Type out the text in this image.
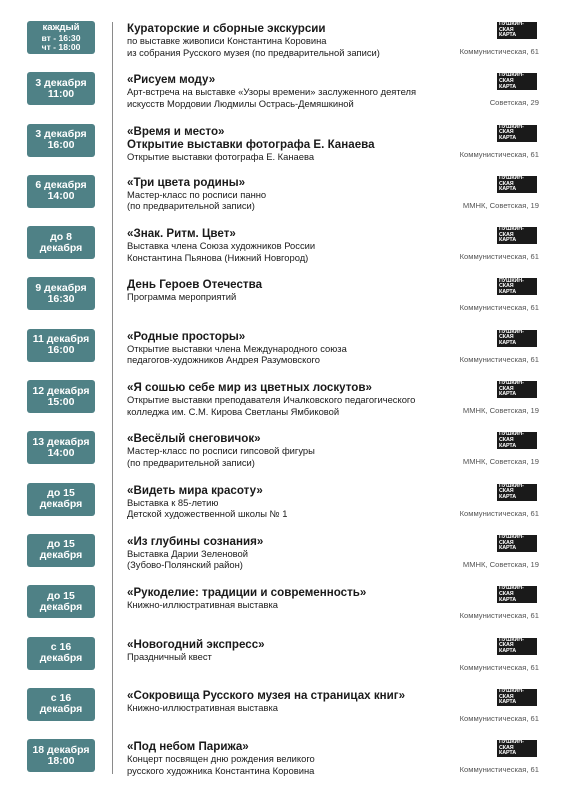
каждый
вт - 16:30
чт - 18:00
Кураторские и сборные экскурсии
по выставке живописи Константина Коровина
из собрания Русского музея (по предварительной записи)
ПУШКИН-
СКАЯ
КАРТА
Коммунистическая, 61
3 декабря
11:00
«Рисуем моду»
Арт-встреча на выставке «Узоры времени» заслуженного деятеля
искусств Мордовии Людмилы Острась-Демяшкиной
ПУШКИН-
СКАЯ
КАРТА
Советская, 29
3 декабря
16:00
«Время и место»
Открытие выставки фотографа Е. Канаева
Открытие выставки фотографа Е. Канаева
ПУШКИН-
СКАЯ
КАРТА
Коммунистическая, 61
6 декабря
14:00
«Три цвета родины»
Мастер-класс по росписи панно
(по предварительной записи)
ПУШКИН-
СКАЯ
КАРТА
ММНК, Советская, 19
до 8
декабря
«Знак. Ритм. Цвет»
Выставка члена Союза художников России
Константина Пьянова (Нижний Новгород)
ПУШКИН-
СКАЯ
КАРТА
Коммунистическая, 61
9 декабря
16:30
День Героев Отечества
Программа мероприятий
ПУШКИН-
СКАЯ
КАРТА
Коммунистическая, 61
11 декабря
16:00
«Родные просторы»
Открытие выставки члена Международного союза
педагогов-художников Андрея Разумовского
ПУШКИН-
СКАЯ
КАРТА
Коммунистическая, 61
12 декабря
15:00
«Я сошью себе мир из цветных лоскутов»
Открытие выставки преподавателя Ичалковского педагогического
колледжа им. С.М. Кирова Светланы Ямбиковой
ПУШКИН-
СКАЯ
КАРТА
ММНК, Советская, 19
13 декабря
14:00
«Весёлый снеговичок»
Мастер-класс по росписи гипсовой фигуры
(по предварительной записи)
ПУШКИН-
СКАЯ
КАРТА
ММНК, Советская, 19
до 15
декабря
«Видеть мира красоту»
Выставка к 85-летию
Детской художественной школы № 1
ПУШКИН-
СКАЯ
КАРТА
Коммунистическая, 61
до 15
декабря
«Из глубины сознания»
Выставка Дарии Зеленовой
(Зубово-Полянский район)
ПУШКИН-
СКАЯ
КАРТА
ММНК, Советская, 19
до 15
декабря
«Рукоделие: традиции и современность»
Книжно-иллюстративная выставка
ПУШКИН-
СКАЯ
КАРТА
Коммунистическая, 61
с 16
декабря
«Новогодний экспресс»
Праздничный квест
ПУШКИН-
СКАЯ
КАРТА
Коммунистическая, 61
с 16
декабря
«Сокровища Русского музея на страницах книг»
Книжно-иллюстративная выставка
ПУШКИН-
СКАЯ
КАРТА
Коммунистическая, 61
18 декабря
18:00
«Под небом Парижа»
Концерт посвящен дню рождения великого
русского художника Константина Коровина
ПУШКИН-
СКАЯ
КАРТА
Коммунистическая, 61
